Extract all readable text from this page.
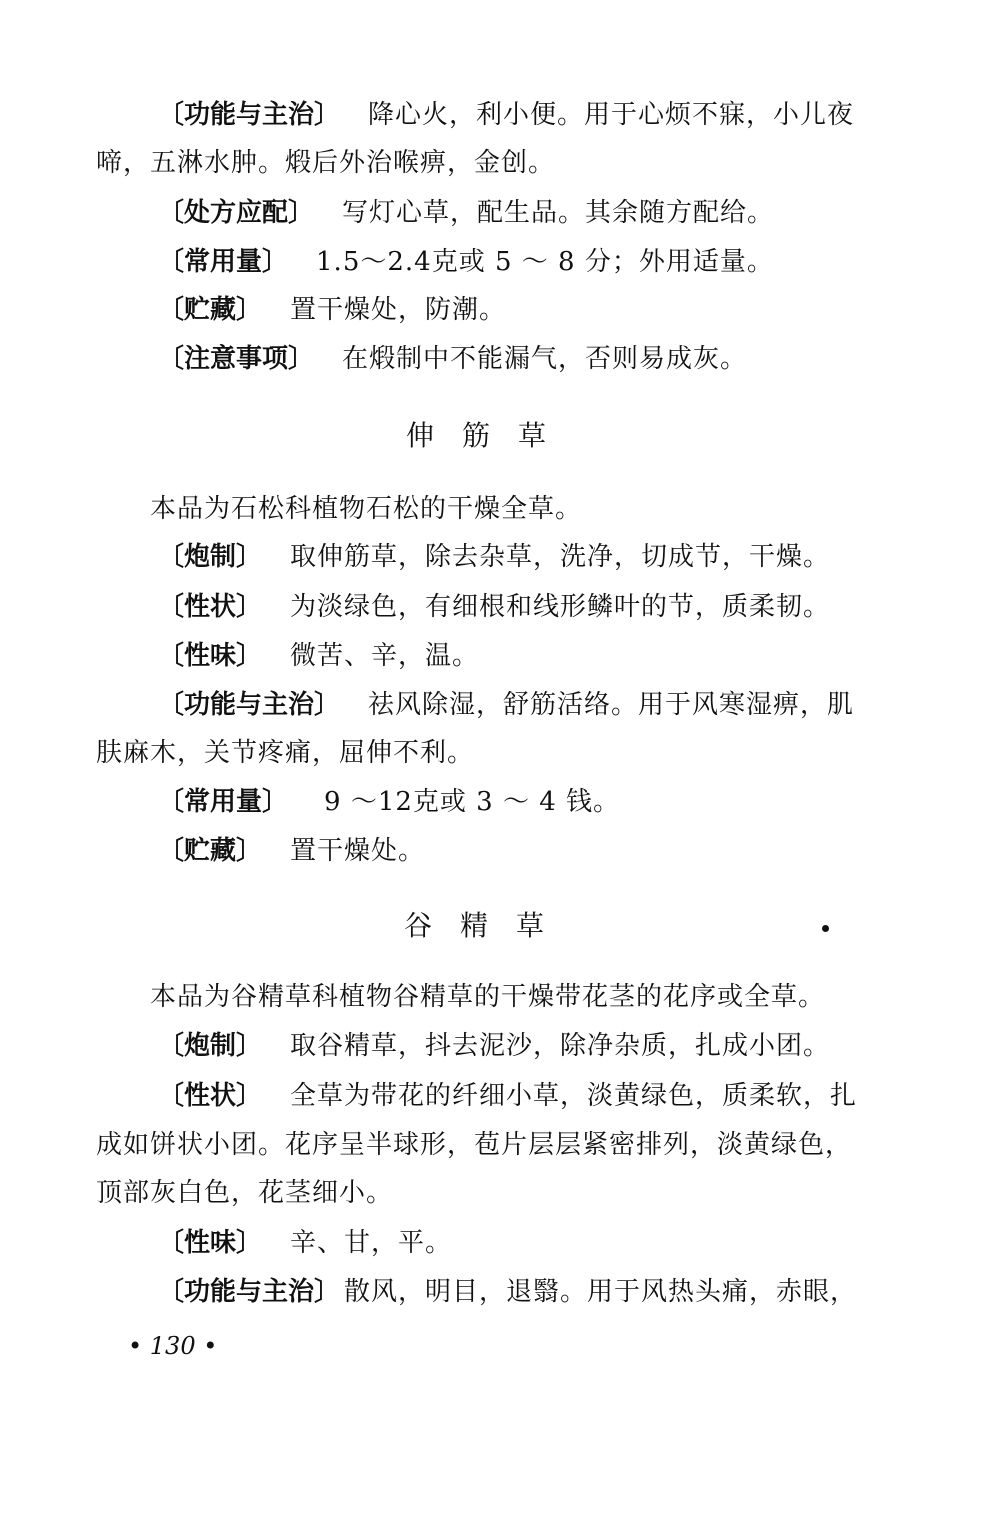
〔功能与主治〕 降心火，利小便。用于心烦不寐，小儿夜
啼，五淋水肿。煅后外治喉痹，金创。
〔处方应配〕 写灯心草，配生品。其余随方配给。
〔常用量〕 1.5～2.4克或 5 ～ 8 分；外用适量。
〔贮藏〕 置干燥处，防潮。
〔注意事项〕 在煅制中不能漏气，否则易成灰。
伸筋草
本品为石松科植物石松的干燥全草。
〔炮制〕 取伸筋草，除去杂草，洗净，切成节，干燥。
〔性状〕 为淡绿色，有细根和线形鳞叶的节，质柔韧。
〔性味〕 微苦、辛，温。
〔功能与主治〕 祛风除湿，舒筋活络。用于风寒湿痹，肌
肤麻木，关节疼痛，屈伸不利。
〔常用量〕 9 ～12克或 3 ～ 4 钱。
〔贮藏〕 置干燥处。
谷精草
本品为谷精草科植物谷精草的干燥带花茎的花序或全草。
〔炮制〕 取谷精草，抖去泥沙，除净杂质，扎成小团。
〔性状〕 全草为带花的纤细小草，淡黄绿色，质柔软，扎
成如饼状小团。花序呈半球形，苞片层层紧密排列，淡黄绿色，
顶部灰白色，花茎细小。
〔性味〕 辛、甘，平。
〔功能与主治〕 散风，明目，退翳。用于风热头痛，赤眼，
• 130 •
